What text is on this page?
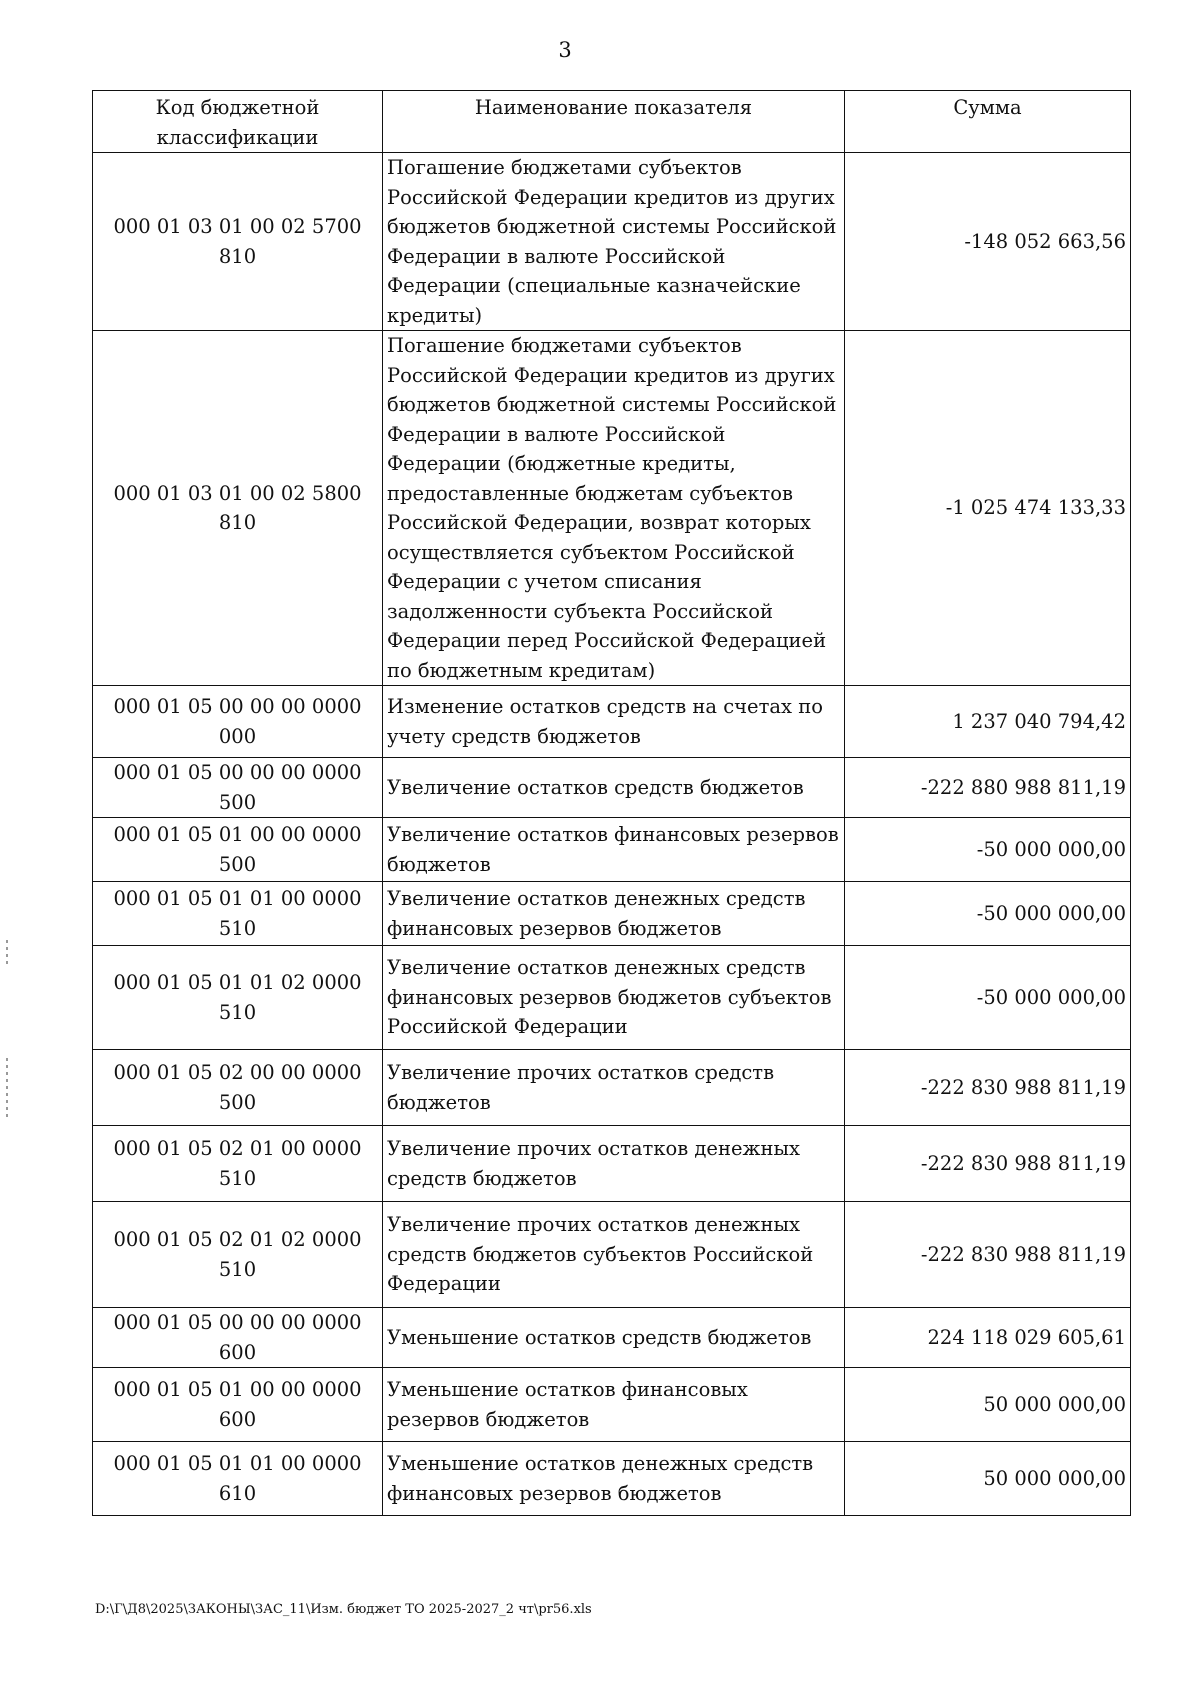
3
Код бюджетной классификации	Наименование показателя	Сумма
000 01 03 01 00 02 5700 810	Погашение бюджетами субъектов Российской Федерации кредитов из других бюджетов бюджетной системы Российской Федерации в валюте Российской Федерации (специальные казначейские кредиты)	-148 052 663,56
000 01 03 01 00 02 5800 810	Погашение бюджетами субъектов Российской Федерации кредитов из других бюджетов бюджетной системы Российской Федерации в валюте Российской Федерации (бюджетные кредиты, предоставленные бюджетам субъектов Российской Федерации, возврат которых осуществляется субъектом Российской Федерации с учетом списания задолженности субъекта Российской Федерации перед Российской Федерацией по бюджетным кредитам)	-1 025 474 133,33
000 01 05 00 00 00 0000 000	Изменение остатков средств на счетах по учету средств бюджетов	1 237 040 794,42
000 01 05 00 00 00 0000 500	Увеличение остатков средств бюджетов	-222 880 988 811,19
000 01 05 01 00 00 0000 500	Увеличение остатков финансовых резервов бюджетов	-50 000 000,00
000 01 05 01 01 00 0000 510	Увеличение остатков денежных средств финансовых резервов бюджетов	-50 000 000,00
000 01 05 01 01 02 0000 510	Увеличение остатков денежных средств финансовых резервов бюджетов субъектов Российской Федерации	-50 000 000,00
000 01 05 02 00 00 0000 500	Увеличение прочих остатков средств бюджетов	-222 830 988 811,19
000 01 05 02 01 00 0000 510	Увеличение прочих остатков денежных средств бюджетов	-222 830 988 811,19
000 01 05 02 01 02 0000 510	Увеличение прочих остатков денежных средств бюджетов субъектов Российской Федерации	-222 830 988 811,19
000 01 05 00 00 00 0000 600	Уменьшение остатков средств бюджетов	224 118 029 605,61
000 01 05 01 00 00 0000 600	Уменьшение остатков финансовых резервов бюджетов	50 000 000,00
000 01 05 01 01 00 0000 610	Уменьшение остатков денежных средств финансовых резервов бюджетов	50 000 000,00
D:\Г\Д8\2025\ЗАКОНЫ\ЗАС_11\Изм. бюджет ТО 2025-2027_2 чт\pr56.xls
